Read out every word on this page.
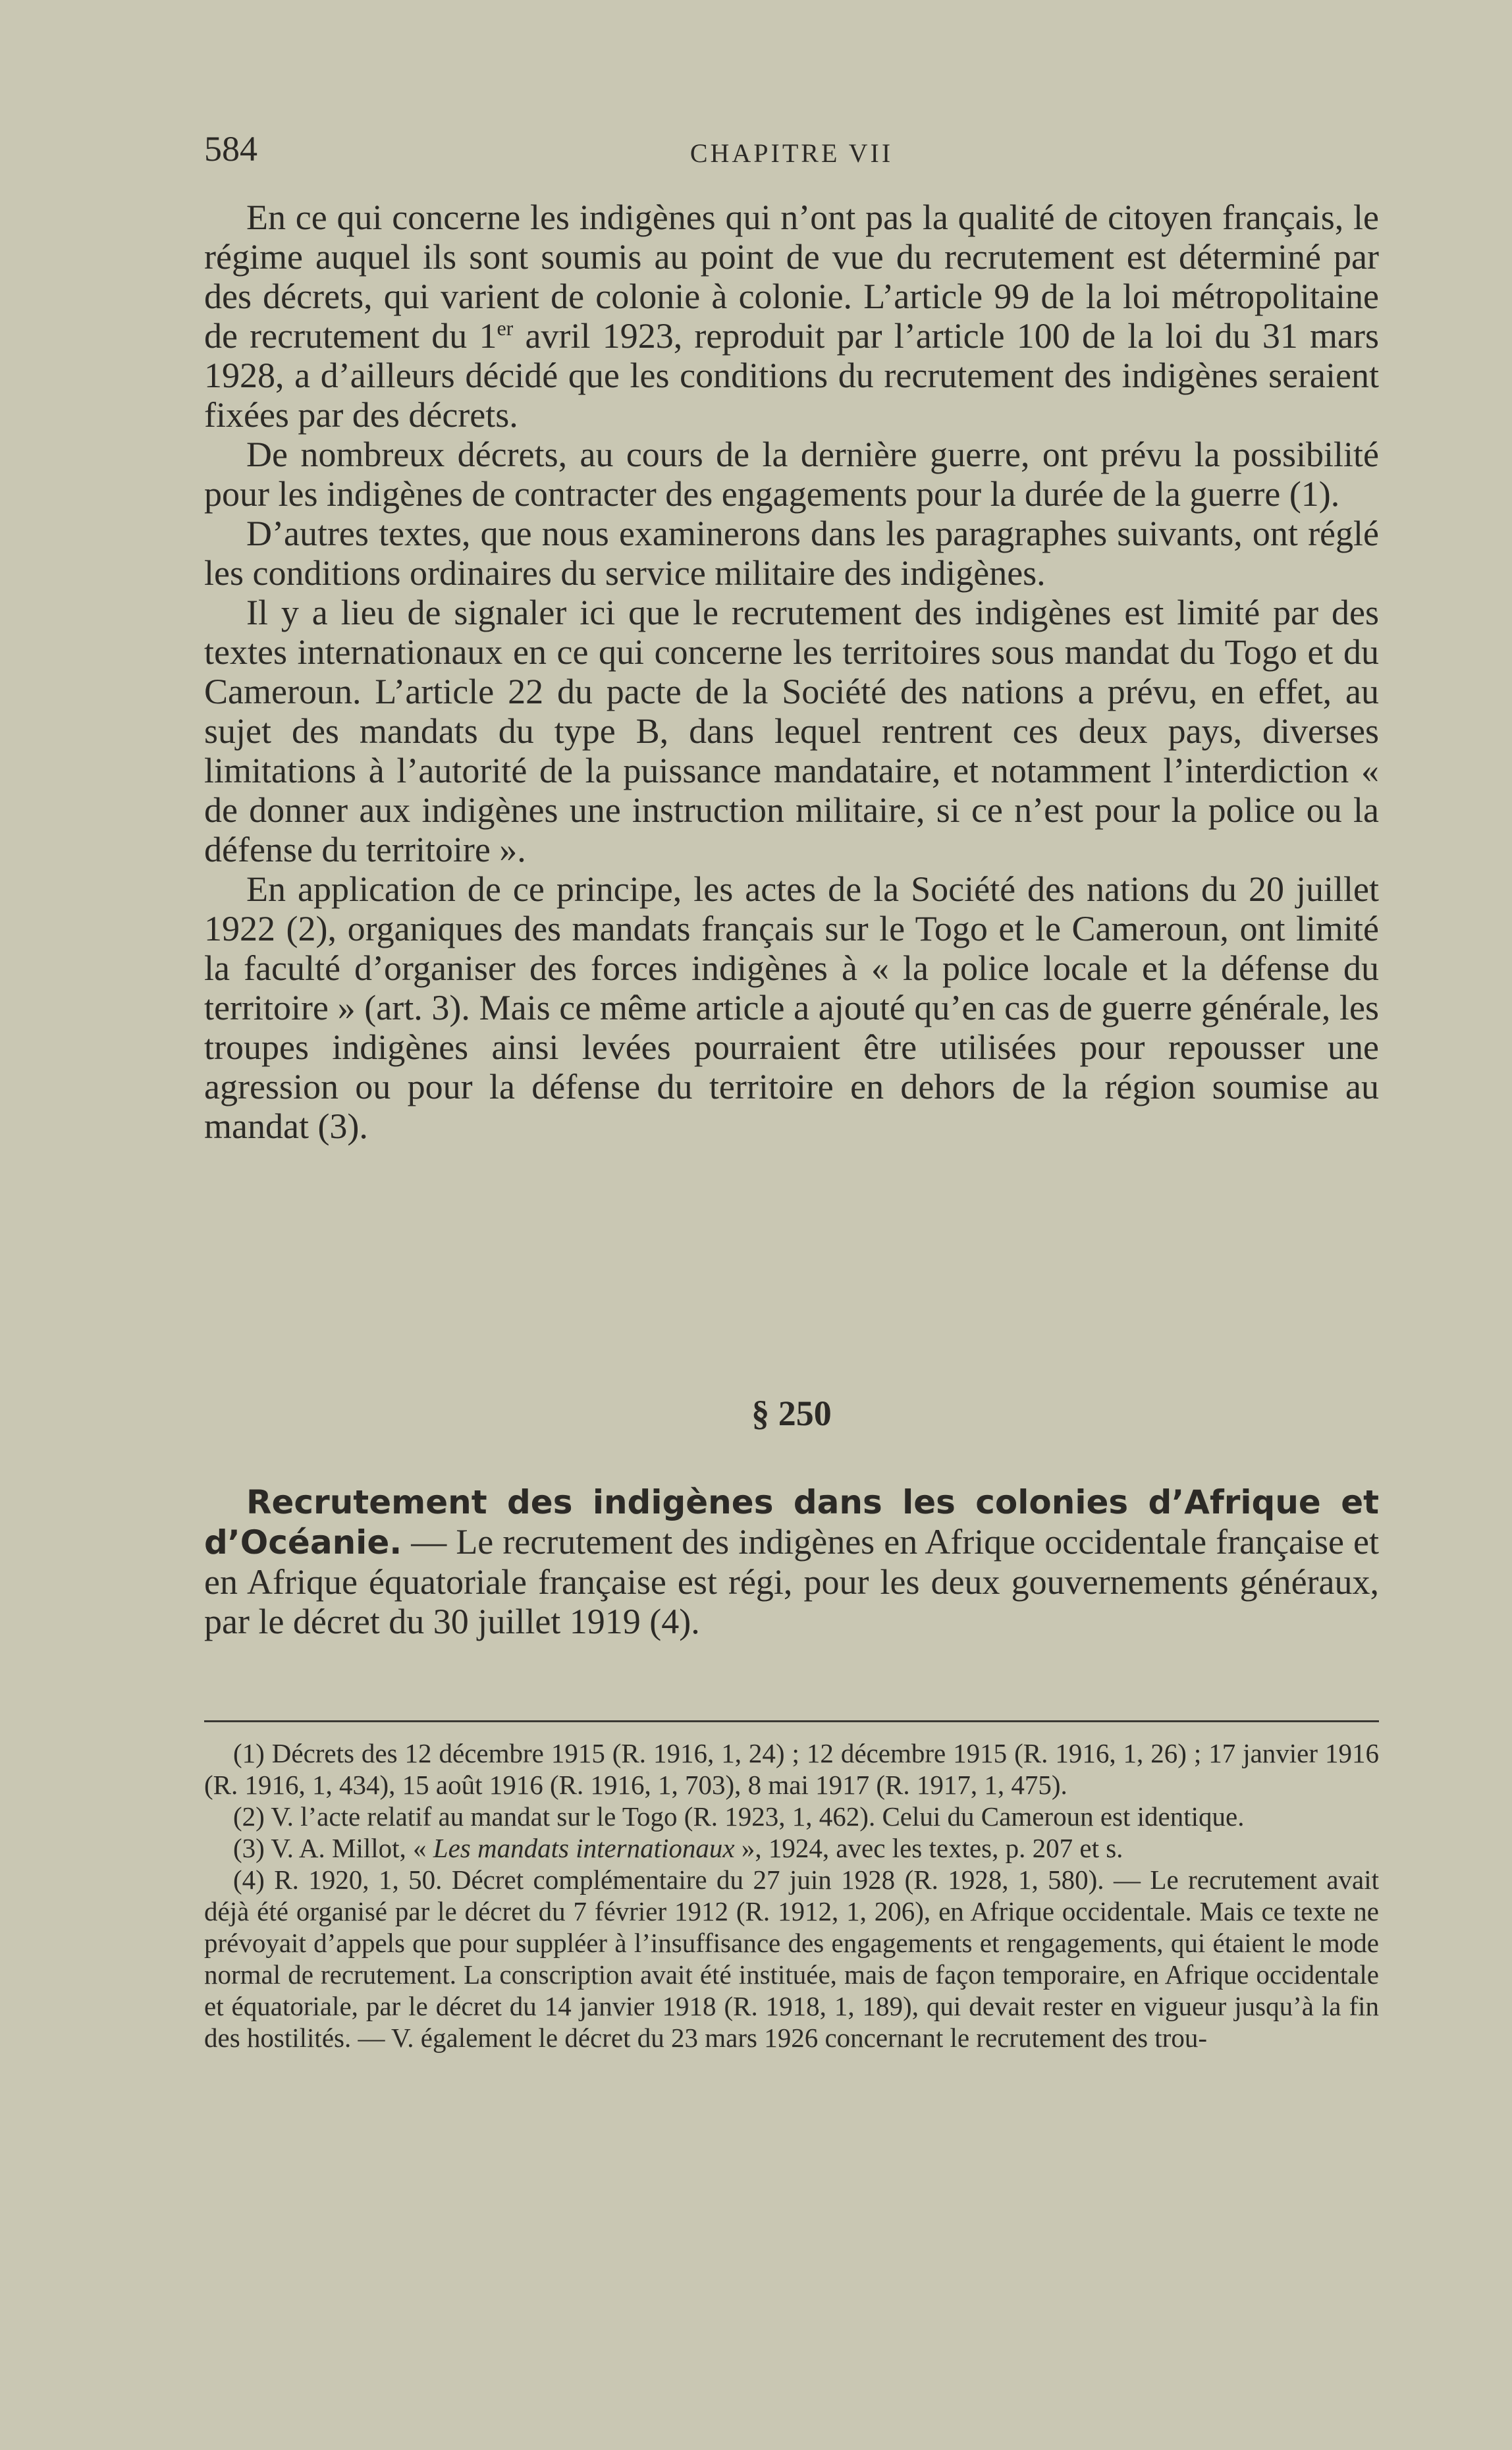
584	CHAPITRE VII

En ce qui concerne les indigènes qui n’ont pas la qualité de citoyen français, le régime auquel ils sont soumis au point de vue du recrutement est déterminé par des décrets, qui varient de colonie à colonie. L’article 99 de la loi métropolitaine de recrutement du 1er avril 1923, reproduit par l’article 100 de la loi du 31 mars 1928, a d’ailleurs décidé que les conditions du recrutement des indigènes seraient fixées par des décrets.

De nombreux décrets, au cours de la dernière guerre, ont prévu la possibilité pour les indigènes de contracter des engagements pour la durée de la guerre (1).

D’autres textes, que nous examinerons dans les paragraphes suivants, ont réglé les conditions ordinaires du service militaire des indigènes.

Il y a lieu de signaler ici que le recrutement des indigènes est limité par des textes internationaux en ce qui concerne les territoires sous mandat du Togo et du Cameroun. L’article 22 du pacte de la Société des nations a prévu, en effet, au sujet des mandats du type B, dans lequel rentrent ces deux pays, diverses limitations à l’autorité de la puissance mandataire, et notamment l’interdiction « de donner aux indigènes une instruction militaire, si ce n’est pour la police ou la défense du territoire ».

En application de ce principe, les actes de la Société des nations du 20 juillet 1922 (2), organiques des mandats français sur le Togo et le Cameroun, ont limité la faculté d’organiser des forces indigènes à « la police locale et la défense du territoire » (art. 3). Mais ce même article a ajouté qu’en cas de guerre générale, les troupes indigènes ainsi levées pourraient être utilisées pour repousser une agression ou pour la défense du territoire en dehors de la région soumise au mandat (3).

§ 250

Recrutement des indigènes dans les colonies d’Afrique et d’Océanie. — Le recrutement des indigènes en Afrique occidentale française et en Afrique équatoriale française est régi, pour les deux gouvernements généraux, par le décret du 30 juillet 1919 (4).

(1) Décrets des 12 décembre 1915 (R. 1916, 1, 24) ; 12 décembre 1915 (R. 1916, 1, 26) ; 17 janvier 1916 (R. 1916, 1, 434), 15 août 1916 (R. 1916, 1, 703), 8 mai 1917 (R. 1917, 1, 475).

(2) V. l’acte relatif au mandat sur le Togo (R. 1923, 1, 462). Celui du Cameroun est identique.

(3) V. A. Millot, « Les mandats internationaux », 1924, avec les textes, p. 207 et s.

(4) R. 1920, 1, 50. Décret complémentaire du 27 juin 1928 (R. 1928, 1, 580). — Le recrutement avait déjà été organisé par le décret du 7 février 1912 (R. 1912, 1, 206), en Afrique occidentale. Mais ce texte ne prévoyait d’appels que pour suppléer à l’insuffisance des engagements et rengagements, qui étaient le mode normal de recrutement. La conscription avait été instituée, mais de façon temporaire, en Afrique occidentale et équatoriale, par le décret du 14 janvier 1918 (R. 1918, 1, 189), qui devait rester en vigueur jusqu’à la fin des hostilités. — V. également le décret du 23 mars 1926 concernant le recrutement des trou-
